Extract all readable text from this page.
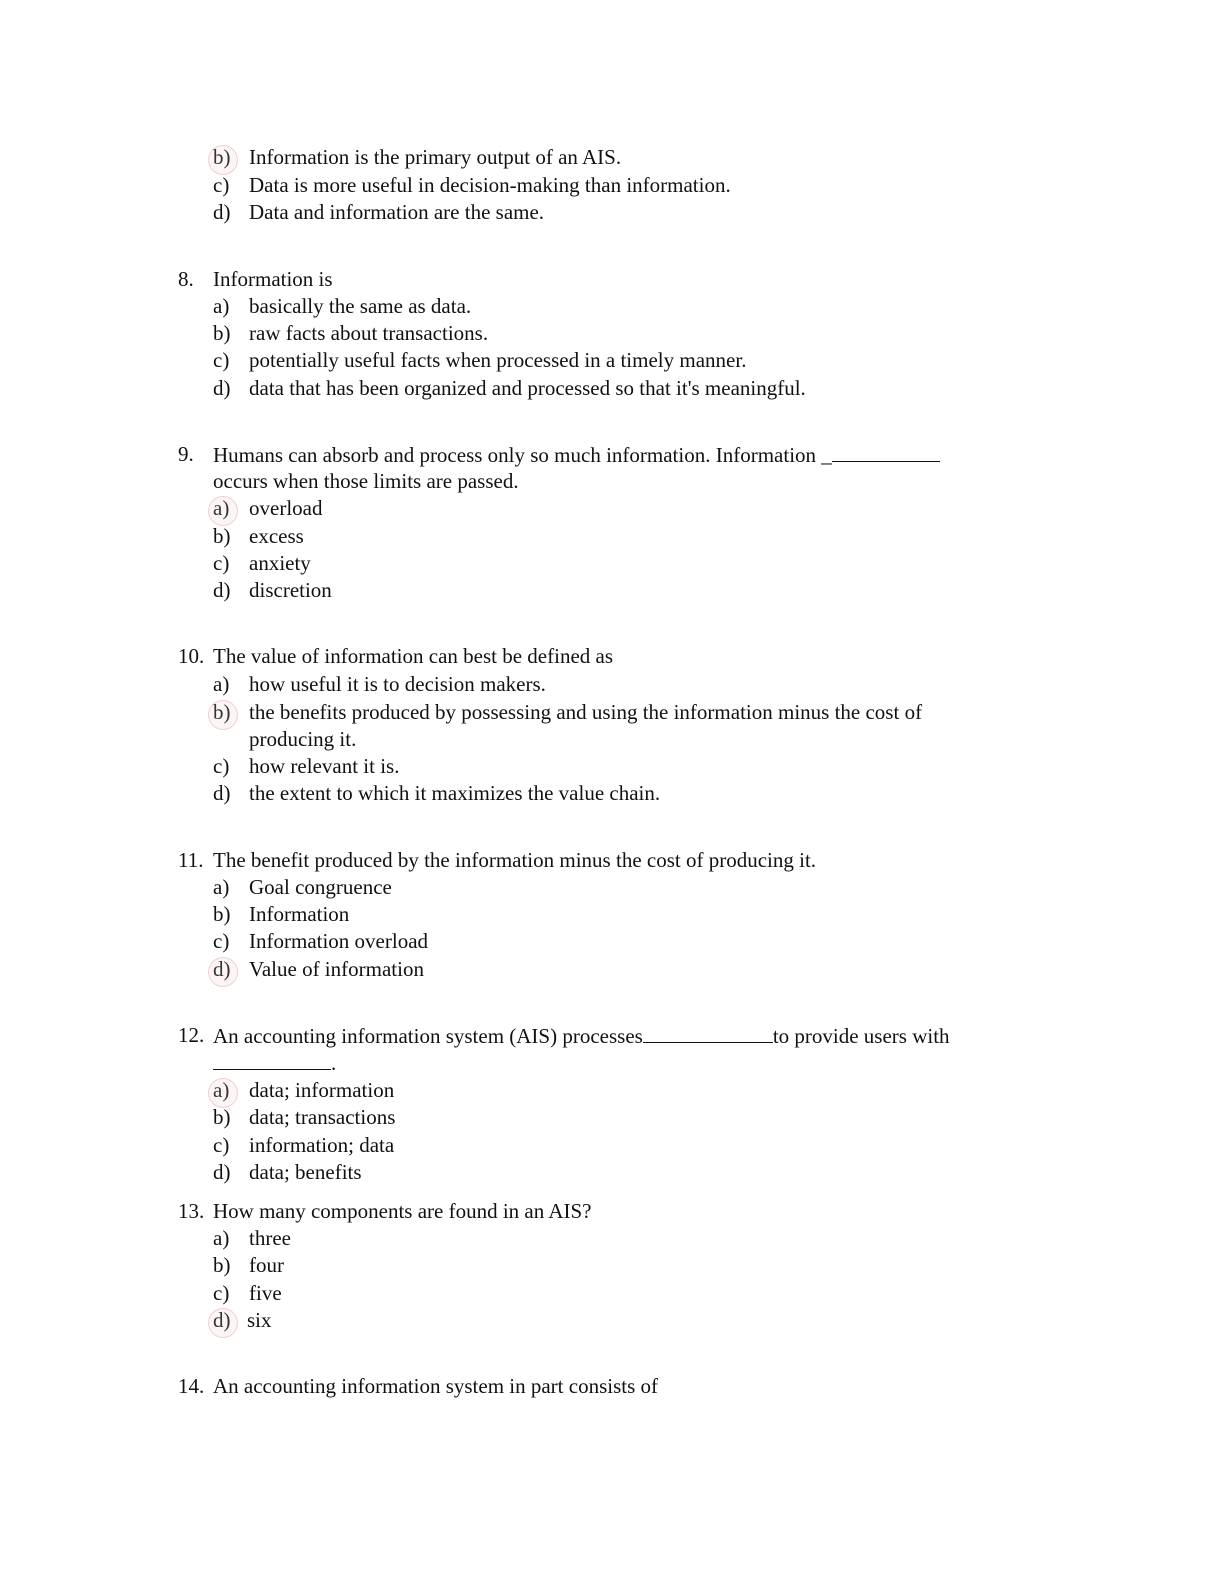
b) Information is the primary output of an AIS.
c) Data is more useful in decision-making than information.
d) Data and information are the same.
8. Information is
a) basically the same as data.
b) raw facts about transactions.
c) potentially useful facts when processed in a timely manner.
d) data that has been organized and processed so that it's meaningful.
9. Humans can absorb and process only so much information. Information _
occurs when those limits are passed.
a) overload
b) excess
c) anxiety
d) discretion
10. The value of information can best be defined as
a) how useful it is to decision makers.
b) the benefits produced by possessing and using the information minus the cost of
producing it.
c) how relevant it is.
d) the extent to which it maximizes the value chain.
11. The benefit produced by the information minus the cost of producing it.
a) Goal congruence
b) Information
c) Information overload
d) Value of information
12. An accounting information system (AIS) processes	to provide users with
.
a) data; information
b) data; transactions
c) information; data
d) data; benefits
13. How many components are found in an AIS?
a) three
b) four
c) five
d) six
14. An accounting information system in part consists of
